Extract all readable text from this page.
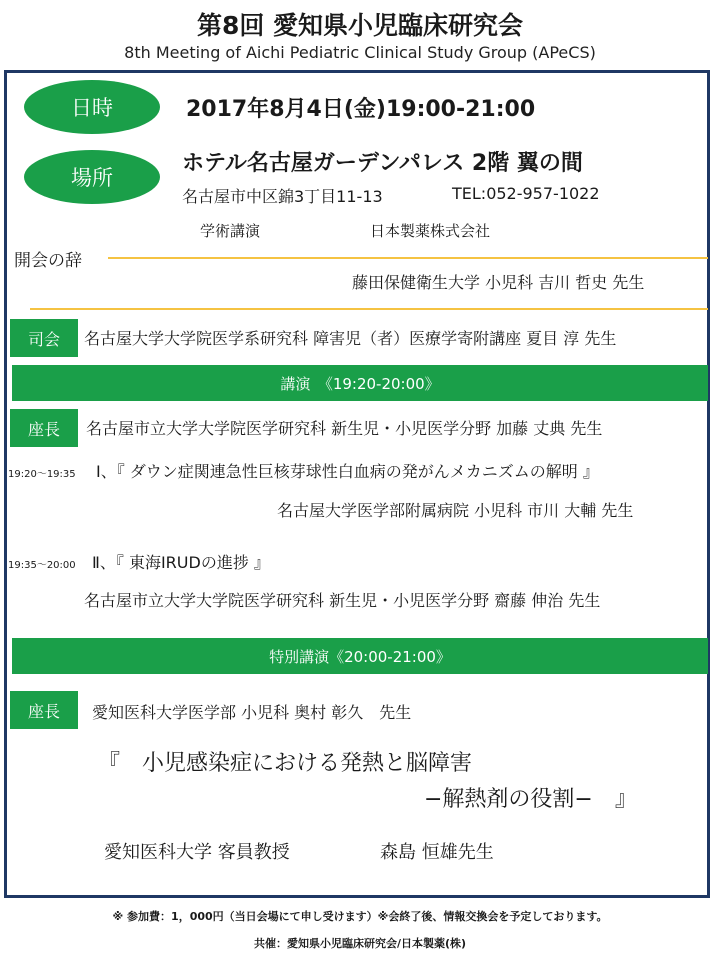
第8回 愛知県小児臨床研究会
8th Meeting of Aichi Pediatric Clinical Study Group (APeCS)
日時	2017年8月4日(金)19:00-21:00
場所
ホテル名古屋ガーデンパレス 2階 翼の間
名古屋市中区錦3丁目11-13	TEL:052-957-1022
学術講演	日本製薬株式会社
開会の辞
藤田保健衛生大学 小児科 吉川 哲史 先生
司会 名古屋大学大学院医学系研究科 障害児（者）医療学寄附講座 夏目 淳 先生
講演　《19:20-20:00》
座長 名古屋市立大学大学院医学研究科 新生児・小児医学分野 加藤 丈典 先生
19:20～19:35 Ⅰ、『 ダウン症関連急性巨核芽球性白血病の発がんメカニズムの解明 』
名古屋大学医学部附属病院 小児科 市川 大輔 先生
19:35～20:00 Ⅱ、『 東海IRUDの進捗 』
名古屋市立大学大学院医学研究科 新生児・小児医学分野 齋藤 伸治 先生
特別講演《20:00-21:00》
座長 愛知医科大学医学部 小児科 奥村 彰久　先生
『　小児感染症における発熱と脳障害
−解熱剤の役割−　』
愛知医科大学 客員教授	森島 恒雄先生
※ 参加費：1，000円（当日会場にて申し受けます）※会終了後、情報交換会を予定しております。
共催：愛知県小児臨床研究会/日本製薬(株)
